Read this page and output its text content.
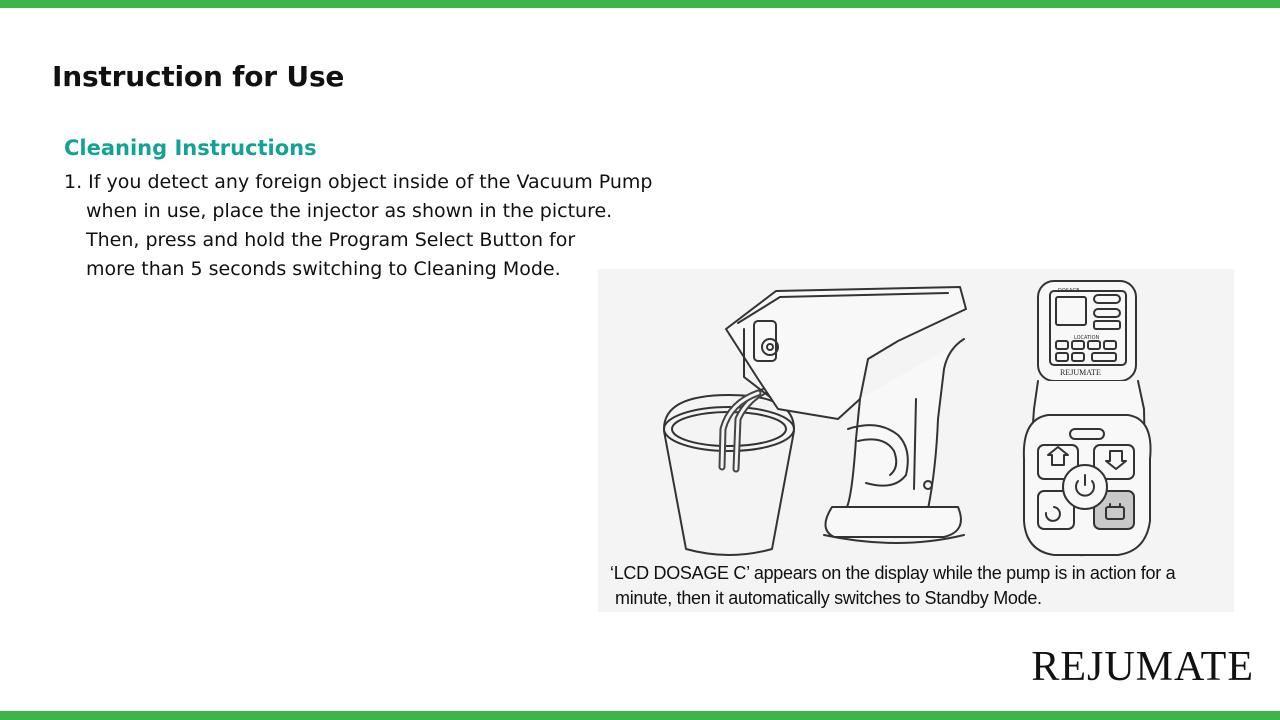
Instruction for Use
Cleaning Instructions
1. If you detect any foreign object inside of the Vacuum Pump
when in use, place the injector as shown in the picture.
Then, press and hold the Program Select Button for
more than 5 seconds switching to Cleaning Mode.
DOSAGE
LOCATION
REJUMATE
‘LCD DOSAGE C’ appears on the display while the pump is in action for a
minute, then it automatically switches to Standby Mode.
REJUMATE
